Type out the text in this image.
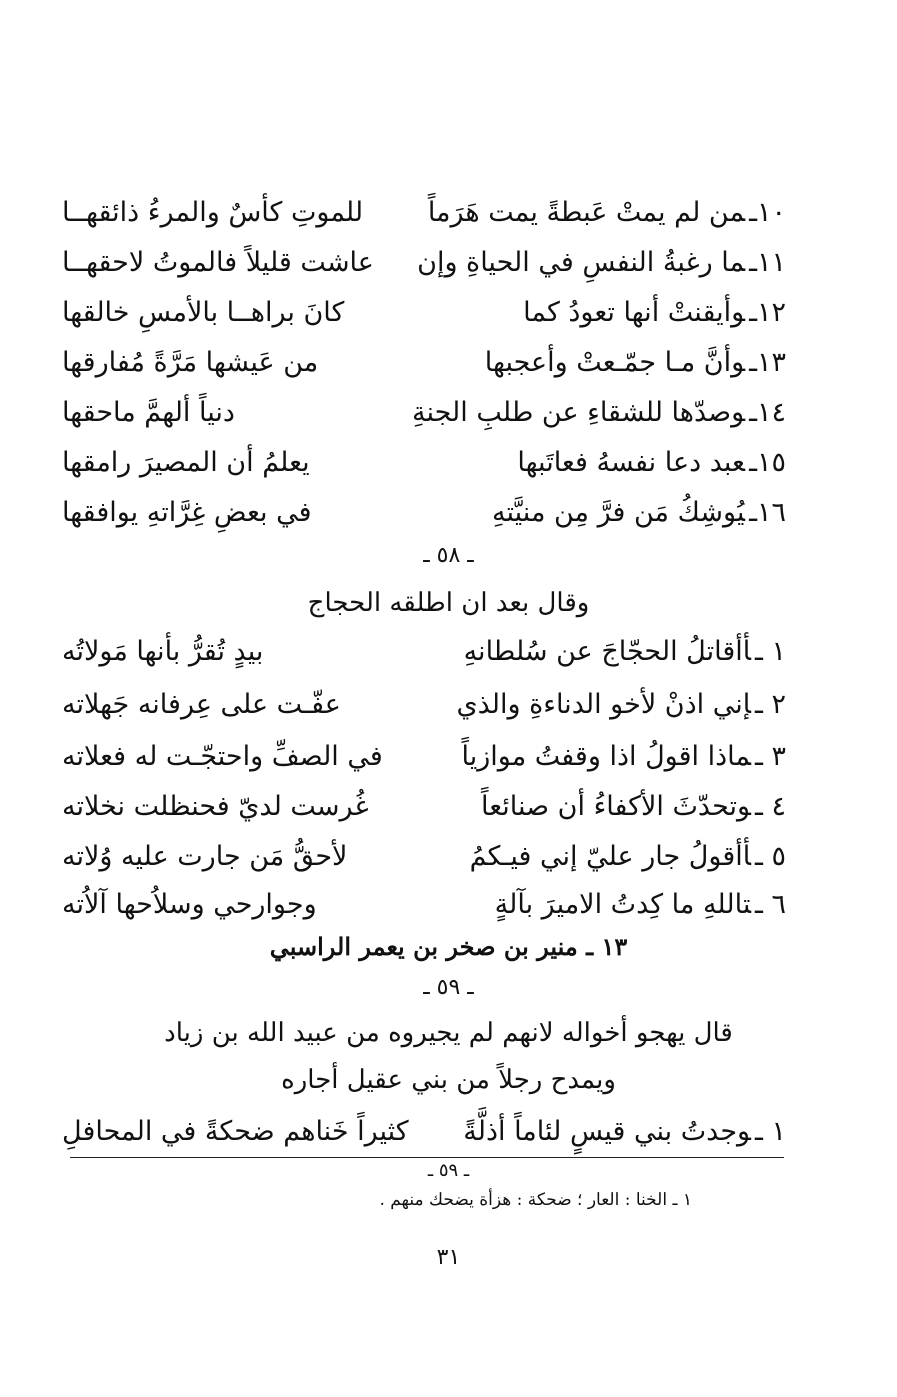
١٠ـمن لم يمتْ عَبطةً يمت هَرَماً
للموتِ كأسٌ والمرءُ ذائقهــا
١١ـما رغبةُ النفسِ في الحياةِ وإن
عاشت قليلاً فالموتُ لاحقهــا
١٢ـوأيقنتْ أنها تعودُ كما
كانَ براهــا بالأمسِ خالقها
١٣ـوأنَّ مـا جمّـعتْ وأعجبها
من عَيشها مَرَّةً مُفارقها
١٤ـوصدّها للشقاءِ عن طلبِ الجنةِ
دنياً ألهمَّ ماحقها
١٥ـعبد دعا نفسهُ فعاتَبها
يعلمُ أن المصيرَ رامقها
١٦ـيُوشِكُ مَن فرَّ مِن منيَّتهِ
في بعضِ غِرَّاتهِ يوافقها
ـ ٥٨ ـ
وقال بعد ان اطلقه الحجاج
١ ـأأقاتلُ الحجّاجَ عن سُلطانهِ
بيدٍ تُقرُّ بأنها مَولاتُه
٢ ـإني اذنْ لأخو الدناءةِ والذي
عفّـت على عِرفانه جَهلاته
٣ ـماذا اقولُ اذا وقفتُ موازياً
في الصفِّ واحتجّـت له فعلاته
٤ ـوتحدّثَ الأكفاءُ أن صنائعاً
غُرست لديّ فحنظلت نخلاته
٥ ـأأقولُ جار عليّ إني فيـكمُ
لأحقُّ مَن جارت عليه وُلاته
٦ ـتاللهِ ما كِدتُ الاميرَ بآلةٍ
وجوارحي وسلاُحها آلاُته
١٣ ـ منير بن صخر بن يعمر الراسبي
ـ ٥٩ ـ
قال يهجو أخواله لانهم لم يجيروه من عبيد الله بن زياد
ويمدح رجلاً من بني عقيل أجاره
١ ـوجدتُ بني قيسٍ لئاماً أذلَّةً
كثيراً خَناهم ضحكةً في المحافلِ
ـ ٥٩ ـ
١ ـ الخنا : العار ؛ ضحكة : هزأة يضحك منهم .
٣١
